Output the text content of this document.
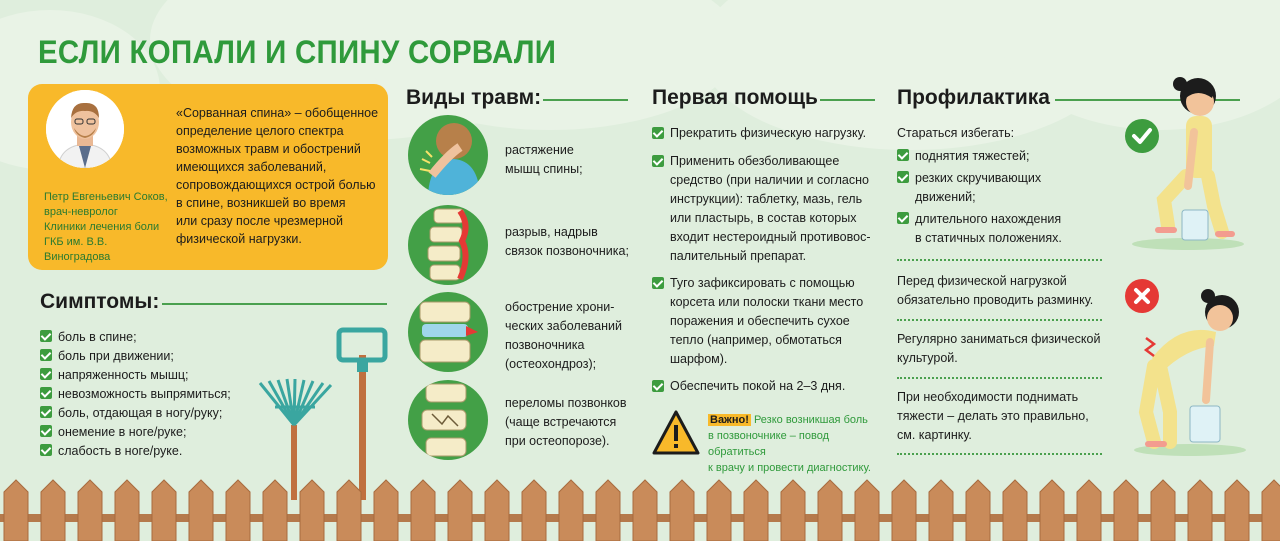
ЕСЛИ КОПАЛИ И СПИНУ СОРВАЛИ
Петр Евгеньевич Соков,
врач-невролог
Клиники лечения боли
ГКБ им. В.В. Виноградова
«Сорванная спина» – обобщенное
определение целого спектра
возможных травм и обострений
имеющихся заболеваний,
сопровождающихся острой болью
в спине, возникшей во время
или сразу после чрезмерной
физической нагрузки.
Симптомы:
боль в спине;
боль при движении;
напряженность мышц;
невозможность выпрямиться;
боль, отдающая в ногу/руку;
онемение в ноге/руке;
слабость в ноге/руке.
Виды травм:
растяжение
мышц спины;
разрыв, надрыв
связок позвоночника;
обострение хрони-
ческих заболеваний
позвоночника
(остеохондроз);
переломы позвонков
(чаще встречаются
при остеопорозе).
Первая помощь
Прекратить физическую нагрузку.
Применить обезболивающее
средство (при наличии и согласно
инструкции): таблетку, мазь, гель
или пластырь, в состав которых
входит нестероидный противовос-
палительный препарат.
Туго зафиксировать с помощью
корсета или полоски ткани место
поражения и обеспечить сухое
тепло (например, обмотаться
шарфом).
Обеспечить покой на 2–3 дня.
Важно! Резко возникшая боль
в позвоночнике – повод обратиться
к врачу и провести диагностику.
Профилактика
Стараться избегать:
поднятия тяжестей;
резких скручивающих
движений;
длительного нахождения
в статичных положениях.
Перед физической нагрузкой
обязательно проводить разминку.
Регулярно заниматься физической
культурой.
При необходимости поднимать
тяжести – делать это правильно,
см. картинку.
